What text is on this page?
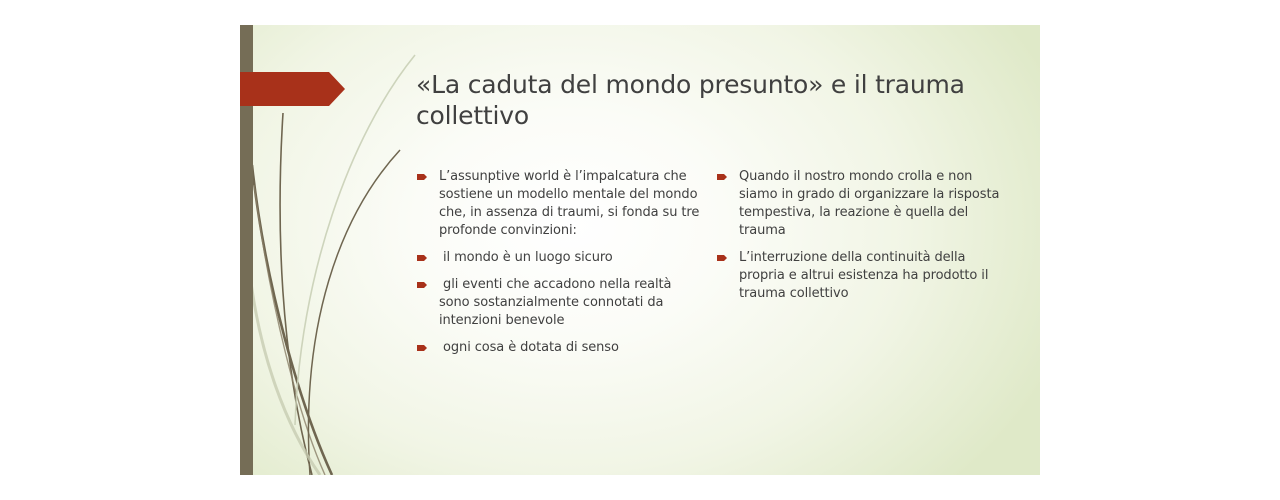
«La caduta del mondo presunto» e il trauma collettivo
L’assunptive world è l’impalcatura che sostiene un modello mentale del mondo che, in assenza di traumi, si fonda su tre profonde convinzioni:
il mondo è un luogo sicuro
gli eventi che accadono nella realtà sono sostanzialmente connotati da intenzioni benevole
ogni cosa è dotata di senso
Quando il nostro mondo crolla e non siamo in grado di organizzare la risposta tempestiva, la reazione è quella del trauma
L’interruzione della continuità della propria e altrui esistenza ha prodotto il trauma collettivo
